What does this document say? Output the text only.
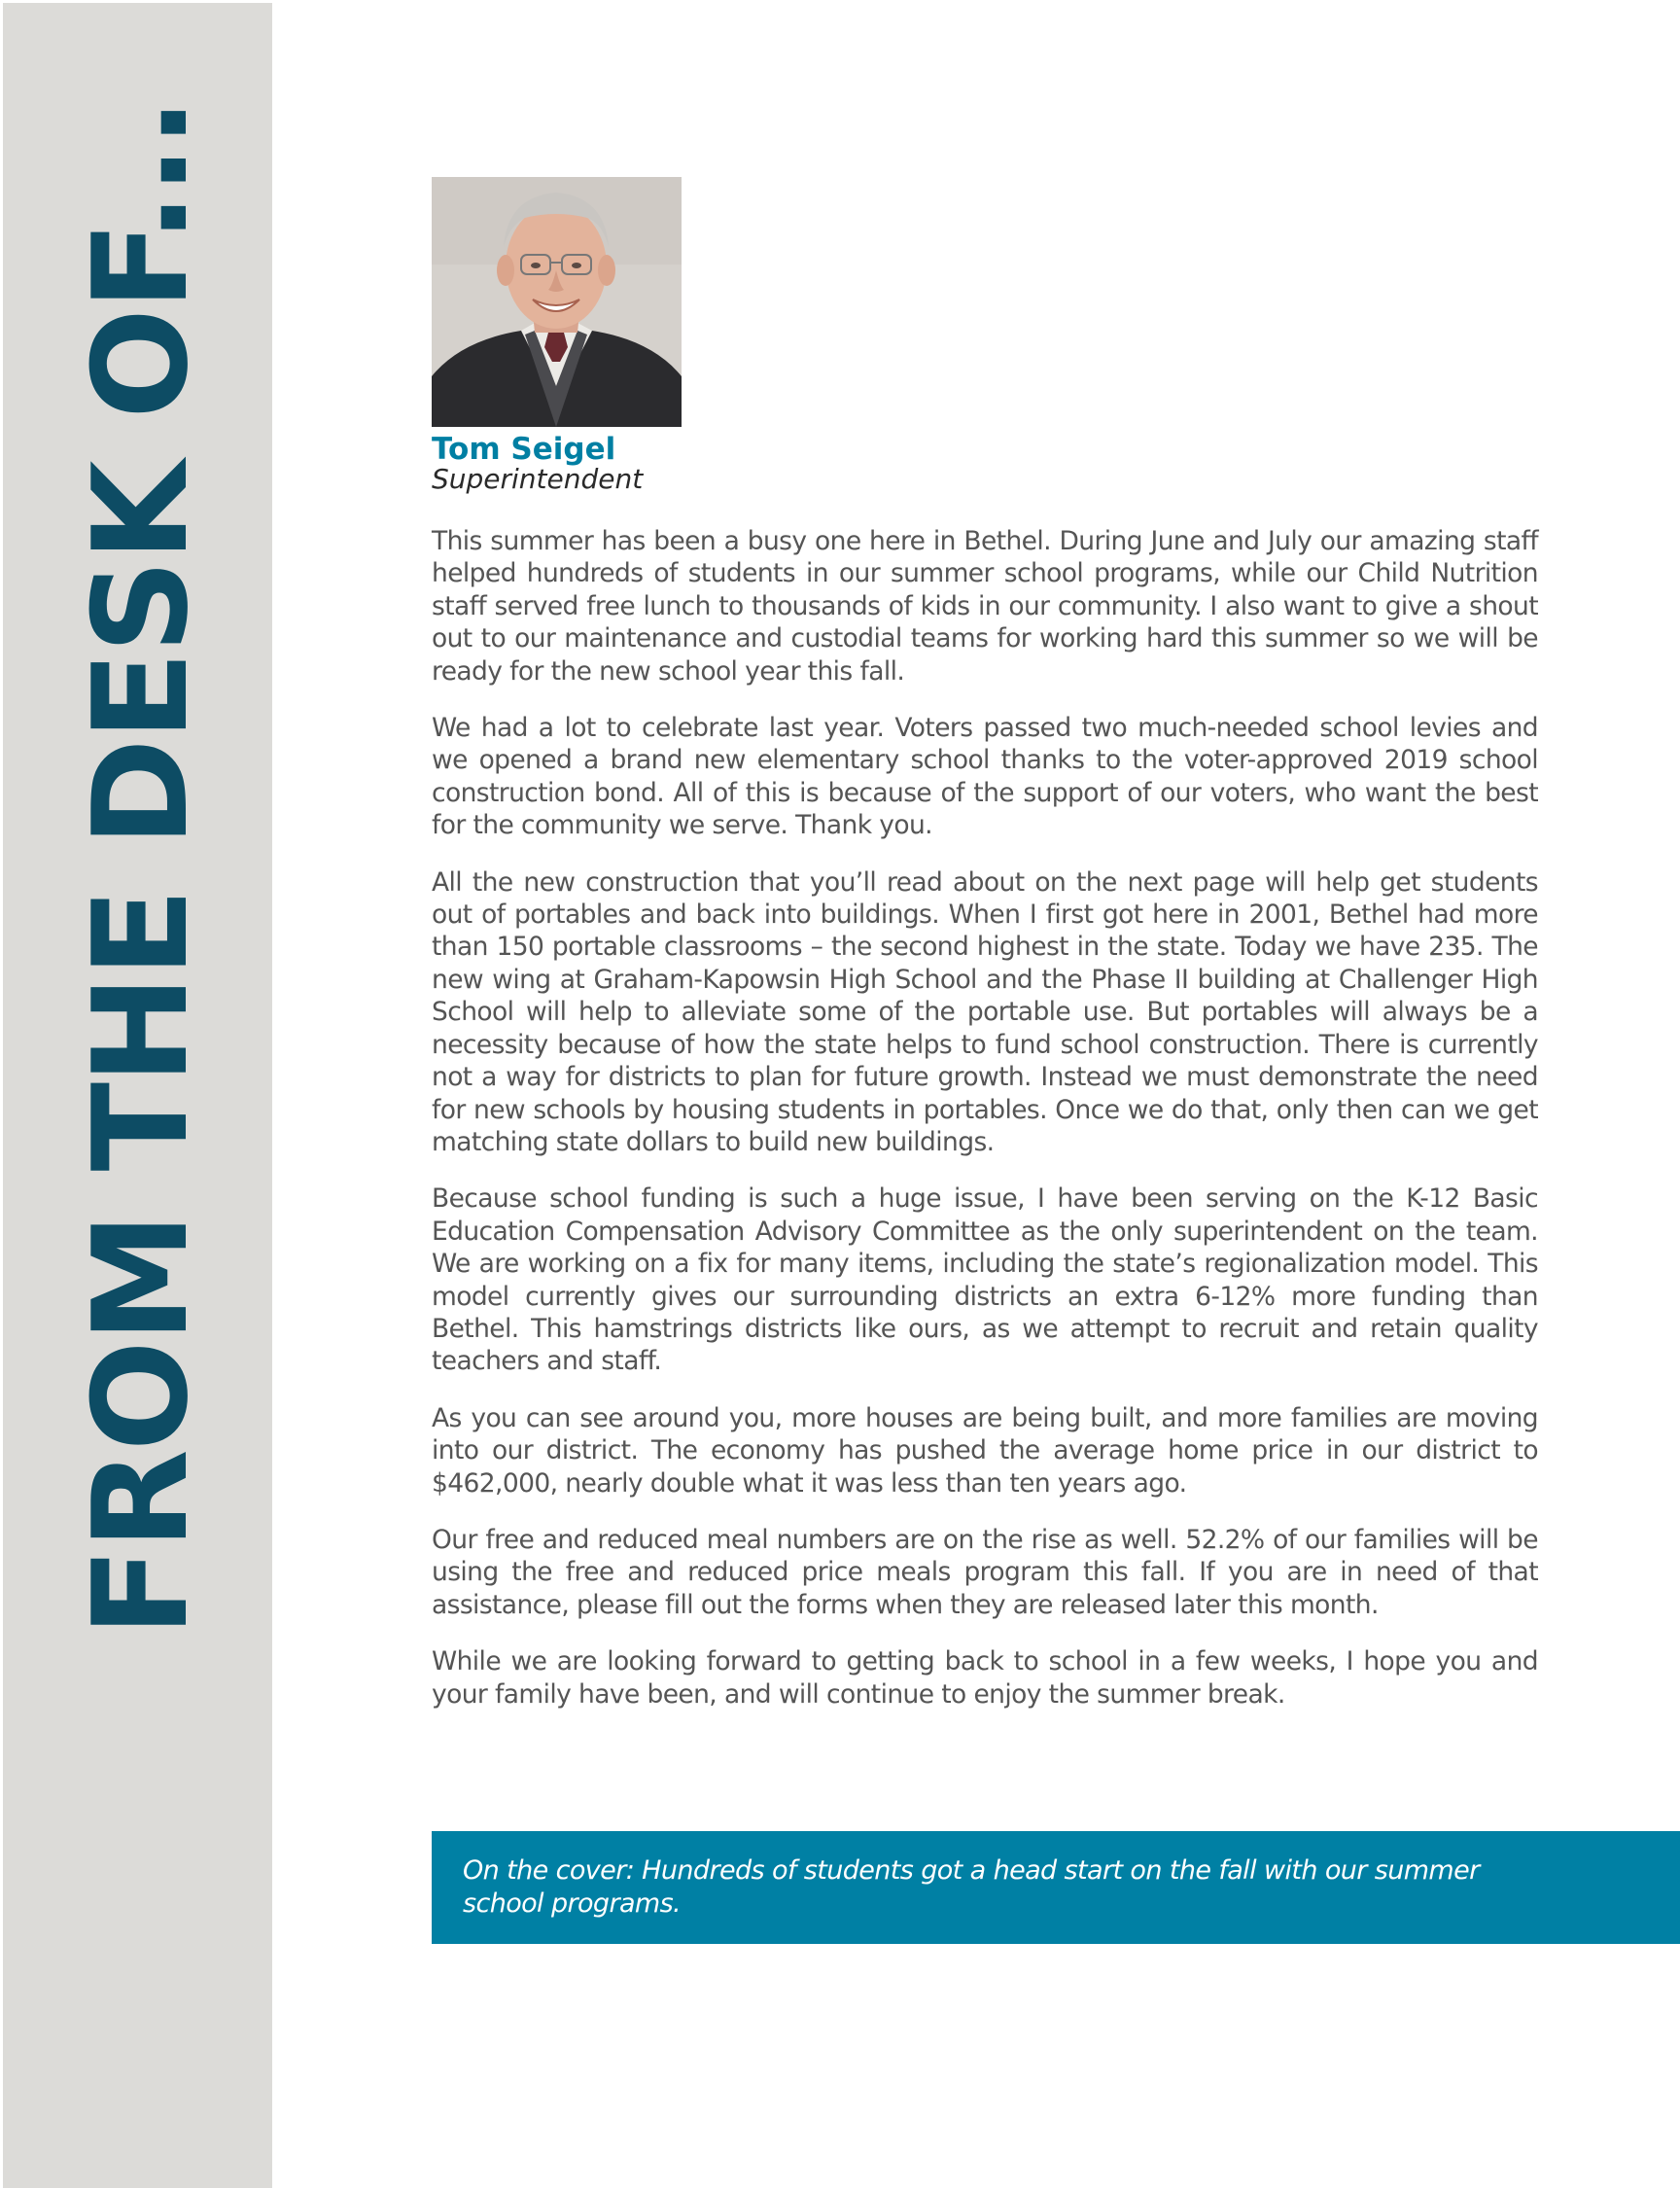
FROM THE DESK OF...	Tom Seigel
Superintendent

This summer has been a busy one here in Bethel. During June and July our amazing staff helped hundreds of students in our summer school programs, while our Child Nutrition staff served free lunch to thousands of kids in our community. I also want to give a shout out to our maintenance and custodial teams for working hard this summer so we will be ready for the new school year this fall.

We had a lot to celebrate last year. Voters passed two much-needed school levies and we opened a brand new elementary school thanks to the voter-approved 2019 school construction bond. All of this is because of the support of our voters, who want the best for the community we serve. Thank you.

All the new construction that you’ll read about on the next page will help get students out of portables and back into buildings. When I first got here in 2001, Bethel had more than 150 portable classrooms – the second highest in the state. Today we have 235. The new wing at Graham-Kapowsin High School and the Phase II building at Challenger High School will help to alleviate some of the portable use. But portables will always be a necessity because of how the state helps to fund school construction. There is currently not a way for districts to plan for future growth. Instead we must demonstrate the need for new schools by housing students in portables. Once we do that, only then can we get matching state dollars to build new buildings.

Because school funding is such a huge issue, I have been serving on the K-12 Basic Education Compensation Advisory Committee as the only superintendent on the team. We are working on a fix for many items, including the state’s regionalization model. This model currently gives our surrounding districts an extra 6-12% more funding than Bethel. This hamstrings districts like ours, as we attempt to recruit and retain quality teachers and staff.

As you can see around you, more houses are being built, and more families are moving into our district. The economy has pushed the average home price in our district to $462,000, nearly double what it was less than ten years ago.

Our free and reduced meal numbers are on the rise as well. 52.2% of our families will be using the free and reduced price meals program this fall. If you are in need of that assistance, please fill out the forms when they are released later this month.

While we are looking forward to getting back to school in a few weeks, I hope you and your family have been, and will continue to enjoy the summer break.

On the cover: Hundreds of students got a head start on the fall with our summer school programs.
